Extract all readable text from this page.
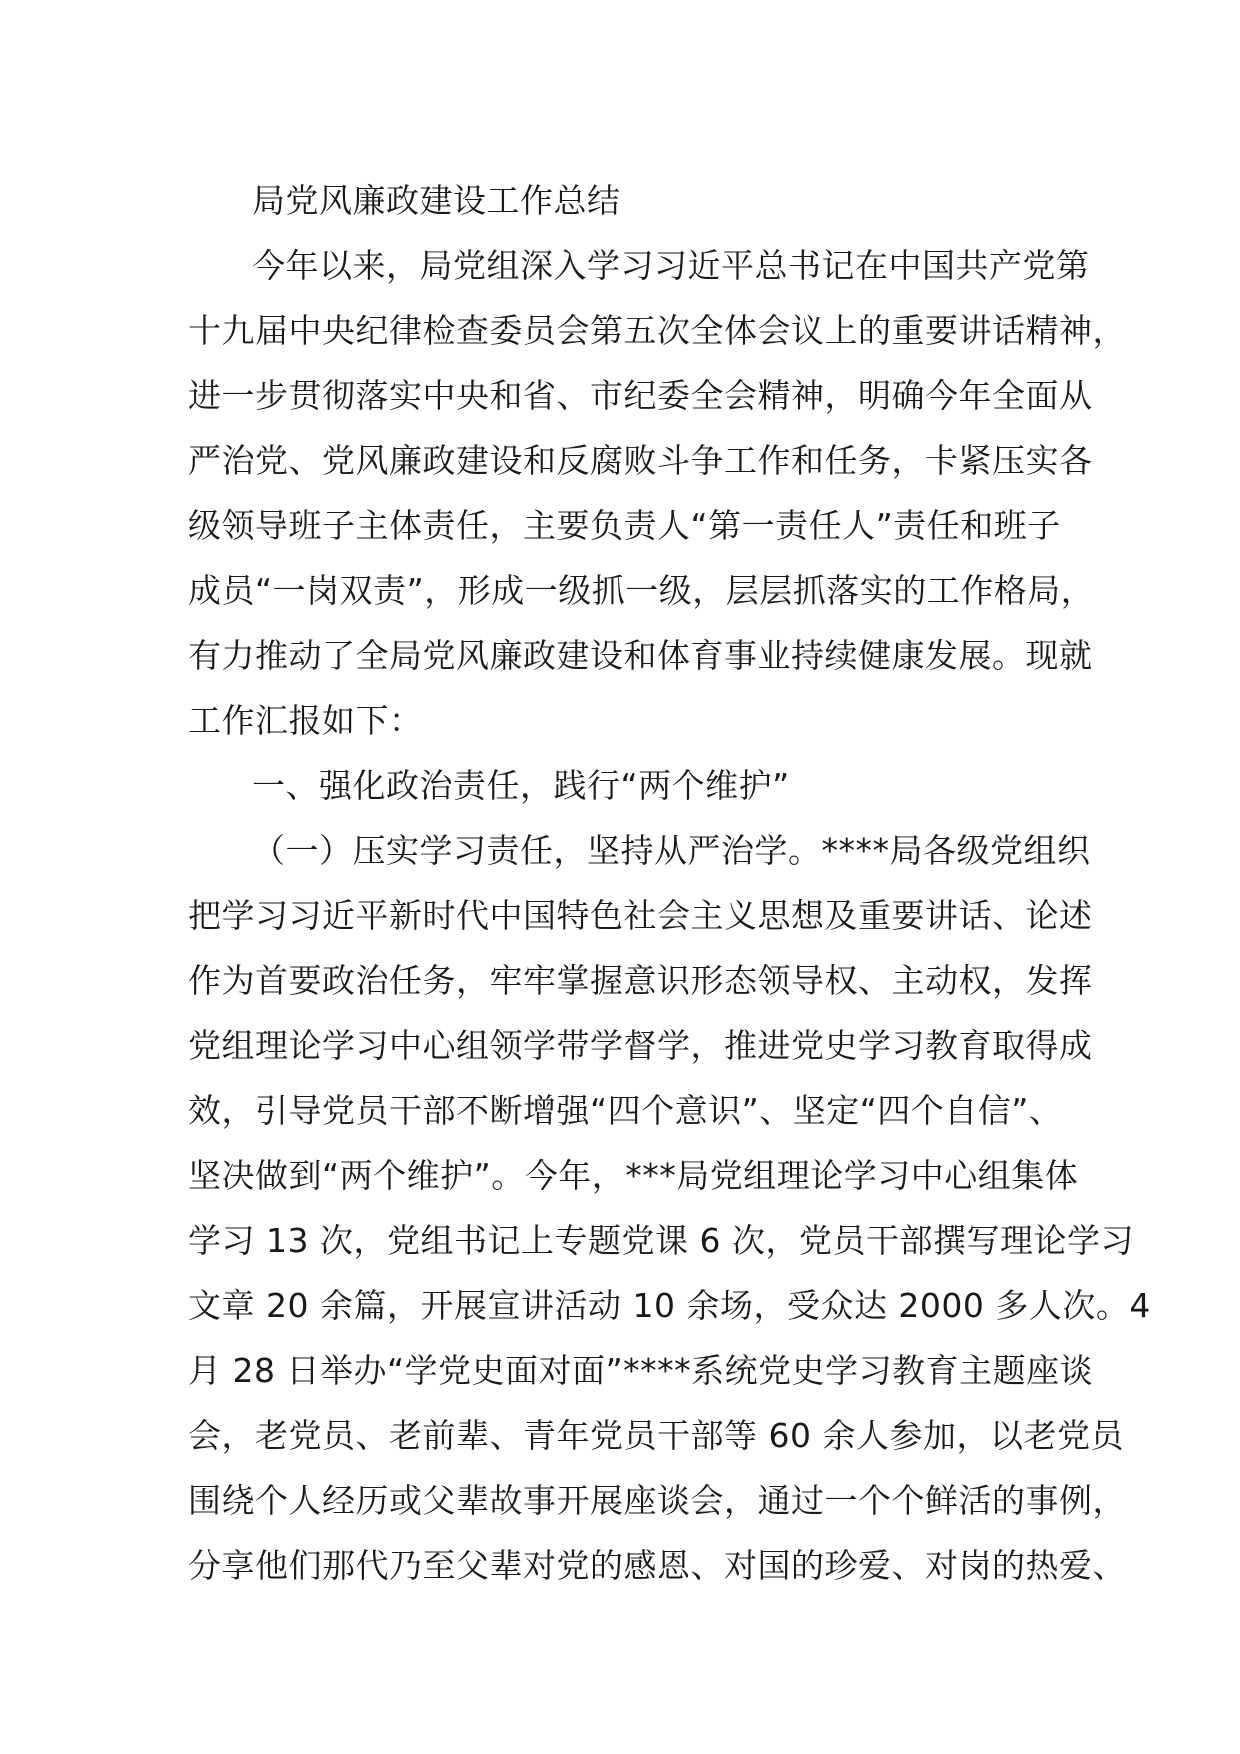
局党风廉政建设工作总结

今年以来，局党组深入学习习近平总书记在中国共产党第

十九届中央纪律检查委员会第五次全体会议上的重要讲话精神，

进一步贯彻落实中央和省、市纪委全会精神，明确今年全面从

严治党、党风廉政建设和反腐败斗争工作和任务，卡紧压实各

级领导班子主体责任，主要负责人“第一责任人”责任和班子

成员“一岗双责”，形成一级抓一级，层层抓落实的工作格局，

有力推动了全局党风廉政建设和体育事业持续健康发展。现就

工作汇报如下：

一、强化政治责任，践行“两个维护”

（一）压实学习责任，坚持从严治学。****局各级党组织

把学习习近平新时代中国特色社会主义思想及重要讲话、论述

作为首要政治任务，牢牢掌握意识形态领导权、主动权，发挥

党组理论学习中心组领学带学督学，推进党史学习教育取得成

效，引导党员干部不断增强“四个意识”、坚定“四个自信”、

坚决做到“两个维护”。今年，***局党组理论学习中心组集体

学习 13 次，党组书记上专题党课 6 次，党员干部撰写理论学习

文章 20 余篇，开展宣讲活动 10 余场，受众达 2000 多人次。4

月 28 日举办“学党史面对面”****系统党史学习教育主题座谈

会，老党员、老前辈、青年党员干部等 60 余人参加，以老党员

围绕个人经历或父辈故事开展座谈会，通过一个个鲜活的事例，

分享他们那代乃至父辈对党的感恩、对国的珍爱、对岗的热爱、
